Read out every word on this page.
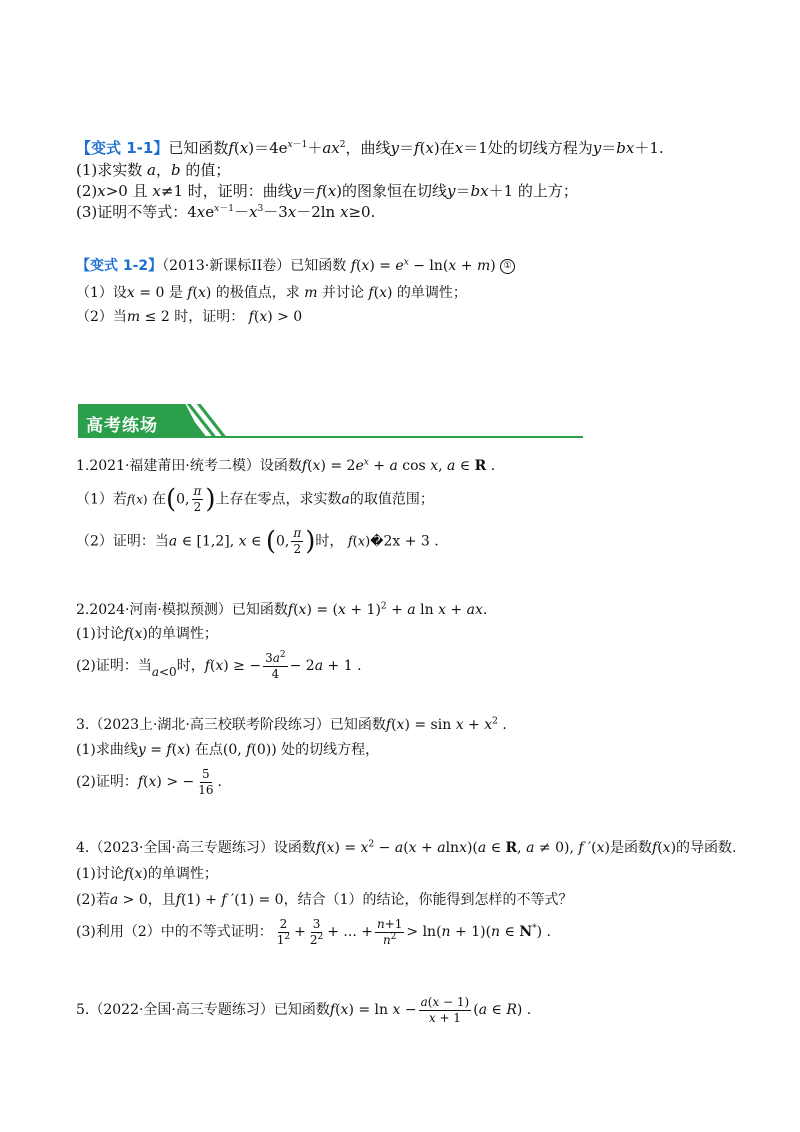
【变式 1-1】已知函数$f(x)=4e^{x-1}+ax^2$，曲线y＝f(x)在x＝1处的切线方程为y＝bx＋1.
(1)求实数 a，b 的值；
(2)x>0 且 x≠1 时，证明：曲线y＝f(x)的图象恒在切线y＝bx＋1 的上方；
(3)证明不等式：$4xe^{x-1}-x^3-3x-2\ln$ x≥0.
【变式 1-2】（2013·新课标II卷）已知函数 $f(x) = e^x - \ln(x + m)$ ①
（1）设x = 0 是 f(x) 的极值点，求 m 并讨论 f(x) 的单调性；
（2）当m ≤ 2 时，证明： f(x) > 0
高考练场
1.2021·福建莆田·统考二模）设函数$f(x) = 2e^x + a$ cos x, a ∈ R .
（1）若f(x) 在(0, $\frac{\pi}{2}$ )上存在零点，求实数a的取值范围；
（2）证明：当a ∈ [1,2], x ∈ (0, $\frac{\pi}{2}$ )时， f(x)�2x + 3 .
2.2024·河南·模拟预测）已知函数$f(x) = (x + 1)^2 + a$ ln x + ax.
(1)讨论f(x)的单调性；
(2)证明：当a<0时，f(x) ≥ − $\frac{3a^2}{4} - 2a + 1$ .
3.（2023上·湖北·高三校联考阶段练习）已知函数$f(x) = \sin x + x^2$ .
(1)求曲线y = f(x) 在点(0, f(0)) 处的切线方程，
(2)证明：f(x) > − $\frac{5}{16}$ .
4.（2023·全国·高三专题练习）设函数$f(x) = x^2 - a(x + alnx)(a$ ∈ R, a ≠ 0), f ′(x)是函数f(x)的导函数.
(1)讨论f(x)的单调性；
(2)若a > 0，且f(1) + f ′(1) = 0，结合（1）的结论，你能得到怎样的不等式？
(3)利用（2）中的不等式证明： $\frac{2}{1^2} + \frac{3}{2^2}$ + ... + $\frac{n+1}{n^2} > \ln(n + 1)(n$ ∈ N*) .
5.（2022·全国·高三专题练习）已知函数$f(x) = \ln x - \frac{a(x - 1)}{x + 1} (a$ ∈ R) .
